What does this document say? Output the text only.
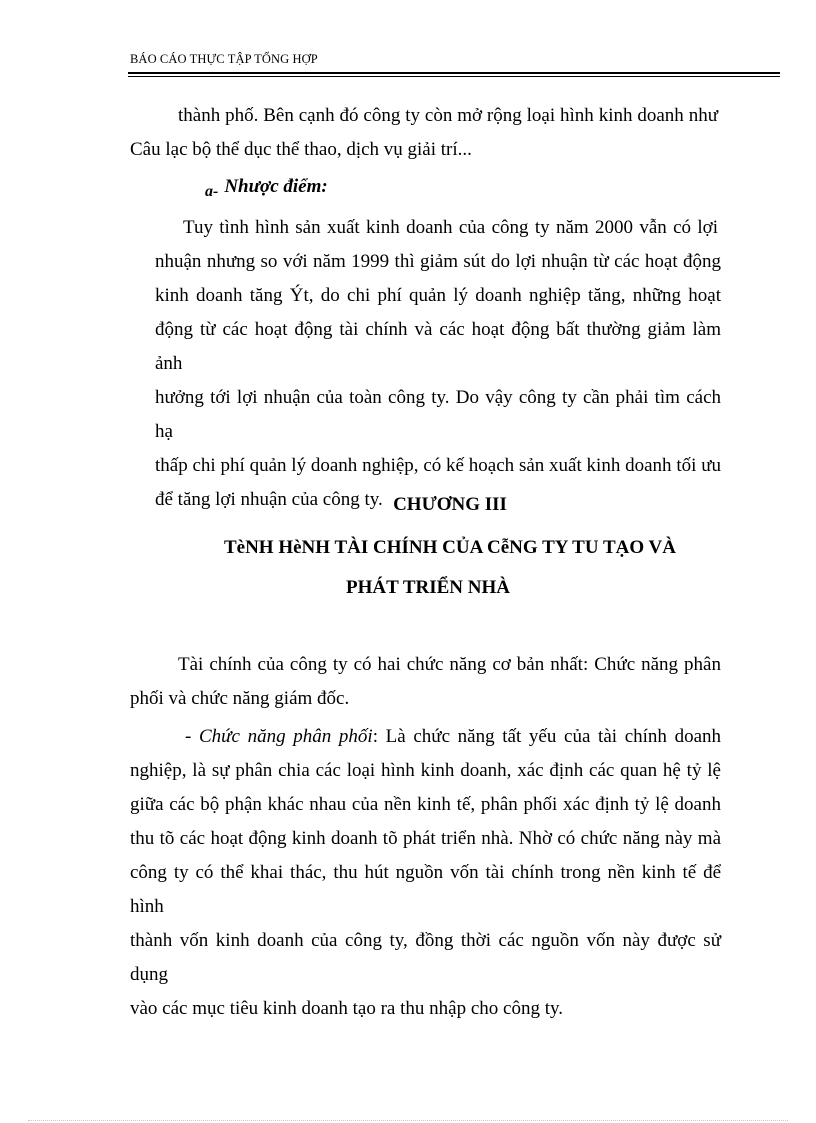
BÁO CÁO THỰC TẬP TỔNG HỢP
thành phố. Bên cạnh đó công ty còn mở rộng loại hình kinh doanh như
Câu lạc bộ thể dục thể thao, dịch vụ giải trí...
$_{a-}$ Nhược điểm:
Tuy tình hình sản xuất kinh doanh của công ty năm 2000 vẫn có lợi
nhuận nhưng so với năm 1999 thì giảm sút do lợi nhuận từ các hoạt động
kinh doanh tăng Ýt, do chi phí quản lý doanh nghiệp tăng, những hoạt
động từ các hoạt động tài chính và các hoạt động bất thường giảm làm ảnh
hưởng tới lợi nhuận của toàn công ty. Do vậy công ty cần phải tìm cách hạ
thấp chi phí quản lý doanh nghiệp, có kế hoạch sản xuất kinh doanh tối ưu
để tăng lợi nhuận của công ty. CHƯƠNG III
TèNH HèNH TÀI CHÍNH CỦA CễNG TY TU TẠO VÀ
PHÁT TRIỂN NHÀ
Tài chính của công ty có hai chức năng cơ bản nhất: Chức năng phân
phối và chức năng giám đốc.
- Chức năng phân phối: Là chức năng tất yếu của tài chính doanh
nghiệp, là sự phân chia các loại hình kinh doanh, xác định các quan hệ tỷ lệ
giữa các bộ phận khác nhau của nền kinh tế, phân phối xác định tỷ lệ doanh
thu tõ các hoạt động kinh doanh tõ phát triển nhà. Nhờ có chức năng này mà
công ty có thể khai thác, thu hút nguồn vốn tài chính trong nền kinh tế để hình
thành vốn kinh doanh của công ty, đồng thời các nguồn vốn này được sử dụng
vào các mục tiêu kinh doanh tạo ra thu nhập cho công ty.
